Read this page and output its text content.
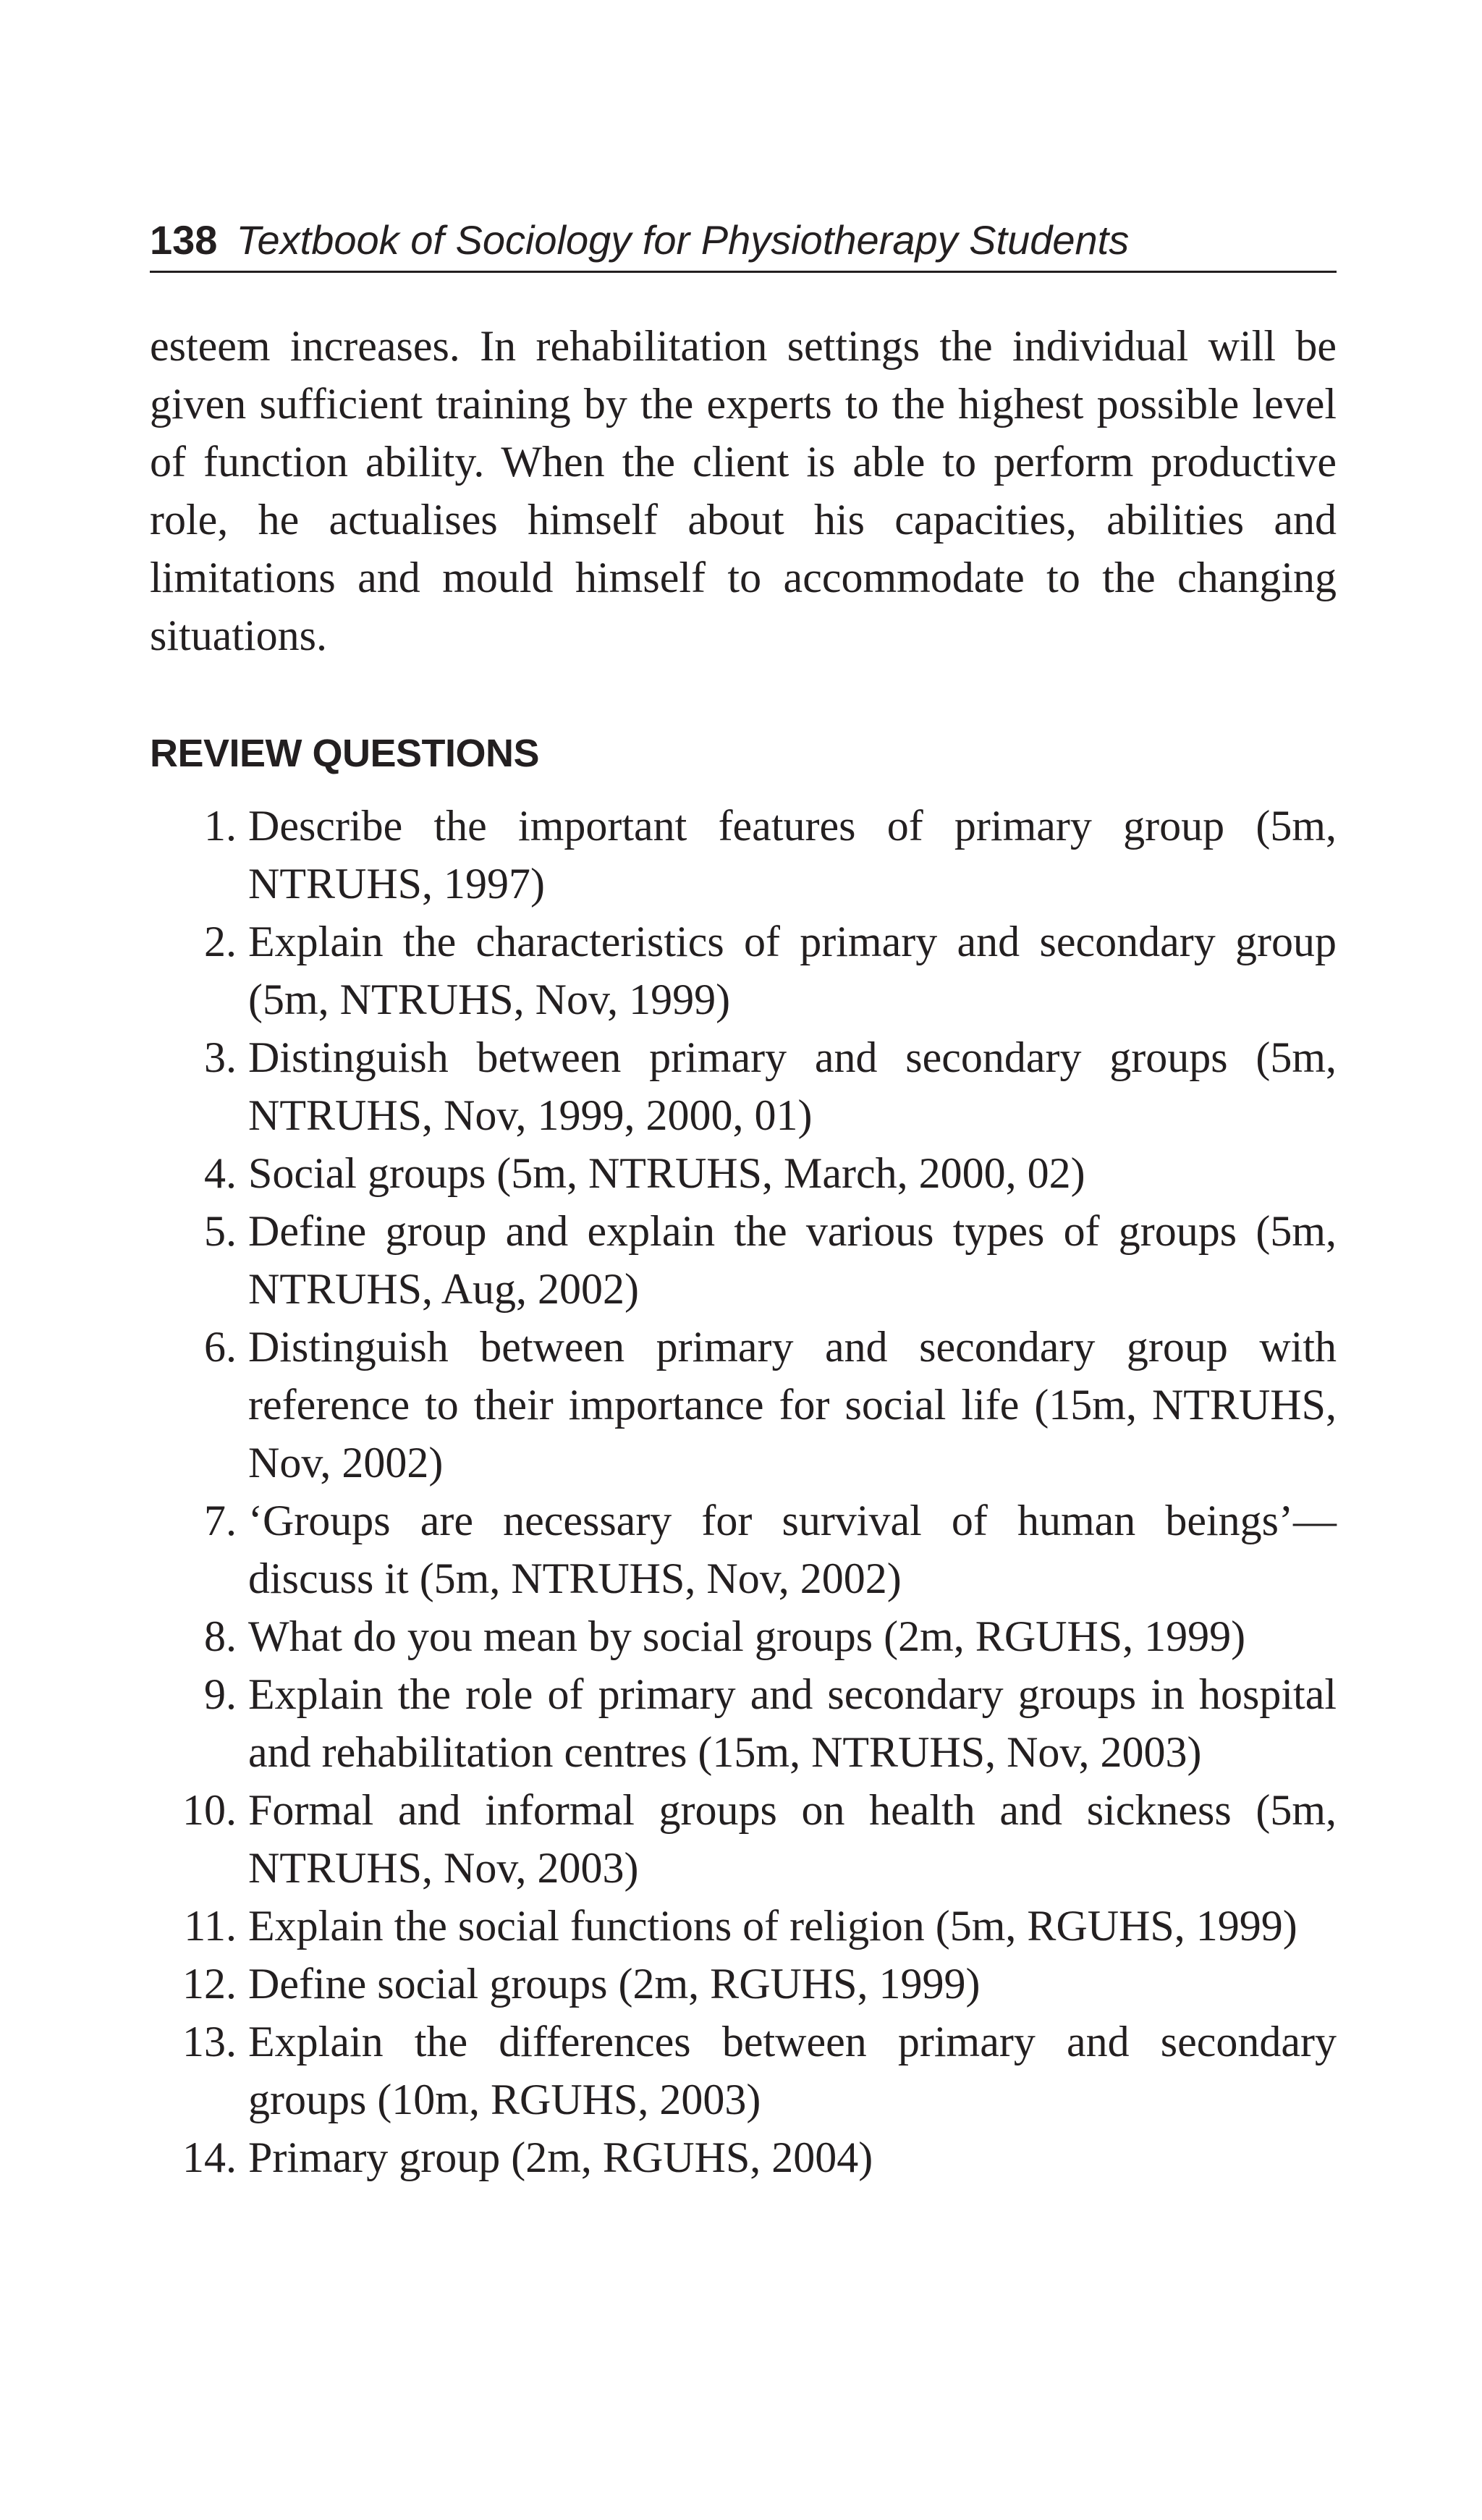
138 Textbook of Sociology for Physiotherapy Students

esteem increases. In rehabilitation settings the individual will be given sufficient training by the experts to the highest possible level of function ability. When the client is able to perform productive role, he actualises himself about his capacities, abilities and limitations and mould himself to accommodate to the changing situations.

REVIEW QUESTIONS
1. Describe the important features of primary group (5m, NTRUHS, 1997)
2. Explain the characteristics of primary and secondary group (5m, NTRUHS, Nov, 1999)
3. Distinguish between primary and secondary groups (5m, NTRUHS, Nov, 1999, 2000, 01)
4. Social groups (5m, NTRUHS, March, 2000, 02)
5. Define group and explain the various types of groups (5m, NTRUHS, Aug, 2002)
6. Distinguish between primary and secondary group with reference to their importance for social life (15m, NTRUHS, Nov, 2002)
7. ‘Groups are necessary for survival of human beings’— discuss it (5m, NTRUHS, Nov, 2002)
8. What do you mean by social groups (2m, RGUHS, 1999)
9. Explain the role of primary and secondary groups in hospital and rehabilitation centres (15m, NTRUHS, Nov, 2003)
10. Formal and informal groups on health and sickness (5m, NTRUHS, Nov, 2003)
11. Explain the social functions of religion (5m, RGUHS, 1999)
12. Define social groups (2m, RGUHS, 1999)
13. Explain the differences between primary and secondary groups (10m, RGUHS, 2003)
14. Primary group (2m, RGUHS, 2004)
